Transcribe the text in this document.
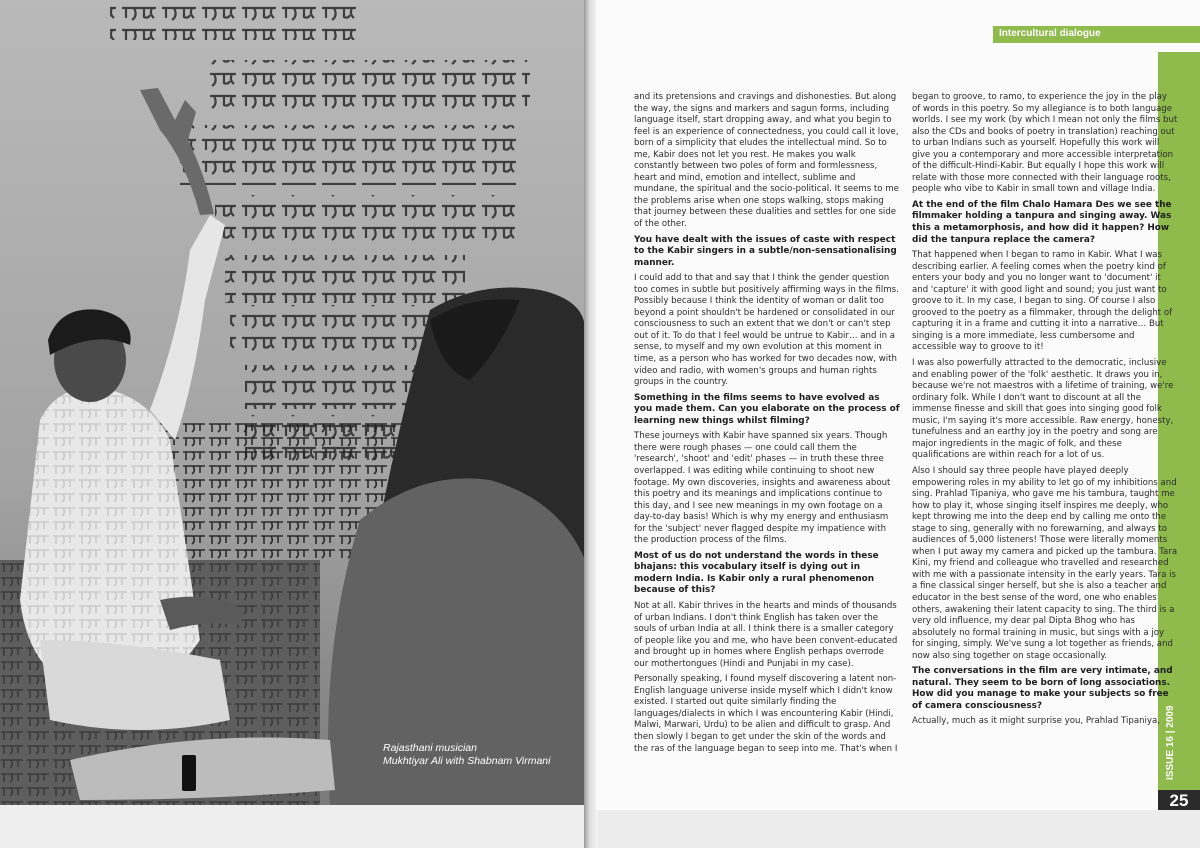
Rajasthani musician
Mukhtiyar Ali with Shabnam Virmani
Intercultural dialogue
ISSUE 16 | 2009
25

and its pretensions and cravings and dishonesties. But along the way, the signs and markers and sagun forms, including language itself, start dropping away, and what you begin to feel is an experience of connectedness, you could call it love, born of a simplicity that eludes the intellectual mind. So to me, Kabir does not let you rest. He makes you walk constantly between two poles of form and formlessness, heart and mind, emotion and intellect, sublime and mundane, the spiritual and the socio-political. It seems to me the problems arise when one stops walking, stops making that journey between these dualities and settles for one side of the other.

You have dealt with the issues of caste with respect to the Kabir singers in a subtle/non-sensationalising manner.

I could add to that and say that I think the gender question too comes in subtle but positively affirming ways in the films. Possibly because I think the identity of woman or dalit too beyond a point shouldn't be hardened or consolidated in our consciousness to such an extent that we don't or can't step out of it. To do that I feel would be untrue to Kabir… and in a sense, to myself and my own evolution at this moment in time, as a person who has worked for two decades now, with video and radio, with women's groups and human rights groups in the country.

Something in the films seems to have evolved as you made them. Can you elaborate on the process of learning new things whilst filming?

These journeys with Kabir have spanned six years. Though there were rough phases — one could call them the 'research', 'shoot' and 'edit' phases — in truth these three overlapped. I was editing while continuing to shoot new footage. My own discoveries, insights and awareness about this poetry and its meanings and implications continue to this day, and I see new meanings in my own footage on a day-to-day basis! Which is why my energy and enthusiasm for the 'subject' never flagged despite my impatience with the production process of the films.

Most of us do not understand the words in these bhajans: this vocabulary itself is dying out in modern India. Is Kabir only a rural phenomenon because of this?

Not at all. Kabir thrives in the hearts and minds of thousands of urban Indians. I don't think English has taken over the souls of urban India at all. I think there is a smaller category of people like you and me, who have been convent-educated and brought up in homes where English perhaps overrode our mothertongues (Hindi and Punjabi in my case).

Personally speaking, I found myself discovering a latent non-English language universe inside myself which I didn't know existed. I started out quite similarly finding the languages/dialects in which I was encountering Kabir (Hindi, Malwi, Marwari, Urdu) to be alien and difficult to grasp. And then slowly I began to get under the skin of the words and the ras of the language began to seep into me. That's when I

began to groove, to ramo, to experience the joy in the play of words in this poetry. So my allegiance is to both language worlds. I see my work (by which I mean not only the films but also the CDs and books of poetry in translation) reaching out to urban Indians such as yourself. Hopefully this work will give you a contemporary and more accessible interpretation of the difficult-Hindi-Kabir. But equally I hope this work will relate with those more connected with their language roots, people who vibe to Kabir in small town and village India.

At the end of the film Chalo Hamara Des we see the filmmaker holding a tanpura and singing away. Was this a metamorphosis, and how did it happen? How did the tanpura replace the camera?

That happened when I began to ramo in Kabir. What I was describing earlier. A feeling comes when the poetry kind of enters your body and you no longer want to 'document' it and 'capture' it with good light and sound; you just want to groove to it. In my case, I began to sing. Of course I also grooved to the poetry as a filmmaker, through the delight of capturing it in a frame and cutting it into a narrative… But singing is a more immediate, less cumbersome and accessible way to groove to it!

I was also powerfully attracted to the democratic, inclusive and enabling power of the 'folk' aesthetic. It draws you in, because we're not maestros with a lifetime of training, we're ordinary folk. While I don't want to discount at all the immense finesse and skill that goes into singing good folk music, I'm saying it's more accessible. Raw energy, honesty, tunefulness and an earthy joy in the poetry and song are major ingredients in the magic of folk, and these qualifications are within reach for a lot of us.

Also I should say three people have played deeply empowering roles in my ability to let go of my inhibitions and sing. Prahlad Tipaniya, who gave me his tambura, taught me how to play it, whose singing itself inspires me deeply, who kept throwing me into the deep end by calling me onto the stage to sing, generally with no forewarning, and always to audiences of 5,000 listeners! Those were literally moments when I put away my camera and picked up the tambura. Tara Kini, my friend and colleague who travelled and researched with me with a passionate intensity in the early years. Tara is a fine classical singer herself, but she is also a teacher and educator in the best sense of the word, one who enables others, awakening their latent capacity to sing. The third is a very old influence, my dear pal Dipta Bhog who has absolutely no formal training in music, but sings with a joy for singing, simply. We've sung a lot together as friends, and now also sing together on stage occasionally.

The conversations in the film are very intimate, and natural. They seem to be born of long associations. How did you manage to make your subjects so free of camera consciousness?

Actually, much as it might surprise you, Prahlad Tipaniya,
